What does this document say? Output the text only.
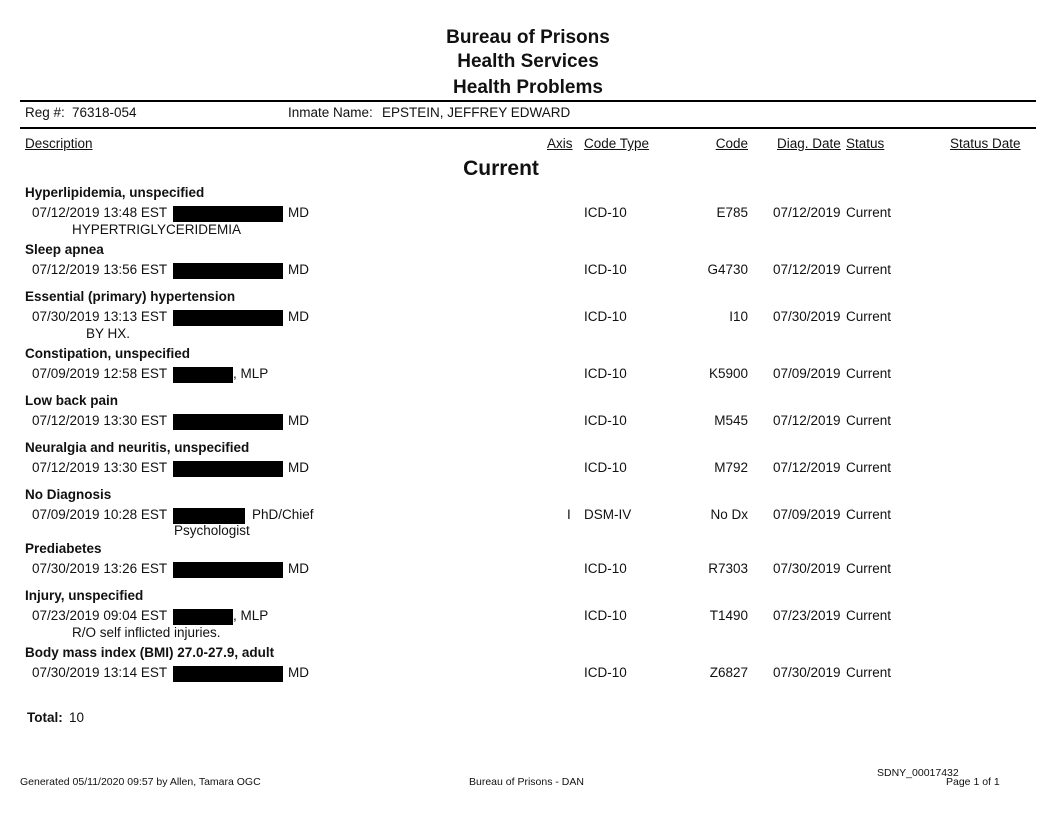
Bureau of Prisons
Health Services
Health Problems
Reg #: 76318-054	Inmate Name: EPSTEIN, JEFFREY EDWARD
Description	Axis Code Type	Code Diag. Date Status	Status Date
Current
Hyperlipidemia, unspecified
07/12/2019 13:48 EST	MD
HYPERTRIGLYCERIDEMIA
ICD-10	E785 07/12/2019 Current
Sleep apnea
07/12/2019 13:56 EST	MD	ICD-10	G4730 07/12/2019 Current
Essential (primary) hypertension
07/30/2019 13:13 EST	MD
BY HX.
ICD-10	I10 07/30/2019 Current
Constipation, unspecified
07/09/2019 12:58 EST	, MLP	ICD-10	K5900 07/09/2019 Current
Low back pain
07/12/2019 13:30 EST	MD	ICD-10	M545 07/12/2019 Current
Neuralgia and neuritis, unspecified
07/12/2019 13:30 EST	MD	ICD-10	M792 07/12/2019 Current
No Diagnosis
07/09/2019 10:28 EST	PhD/Chief
Psychologist
I DSM-IV	No Dx 07/09/2019 Current
Prediabetes
07/30/2019 13:26 EST	MD	ICD-10	R7303 07/30/2019 Current
Injury, unspecified
07/23/2019 09:04 EST	, MLP
R/O self inflicted injuries.
ICD-10	T1490 07/23/2019 Current
Body mass index (BMI) 27.0-27.9, adult
07/30/2019 13:14 EST	MD	ICD-10	Z6827 07/30/2019 Current
Total: 10
Generated 05/11/2020 09:57 by Allen, Tamara OGC	Bureau of Prisons - DAN
SDNY_00017432
Page 1 of 1
